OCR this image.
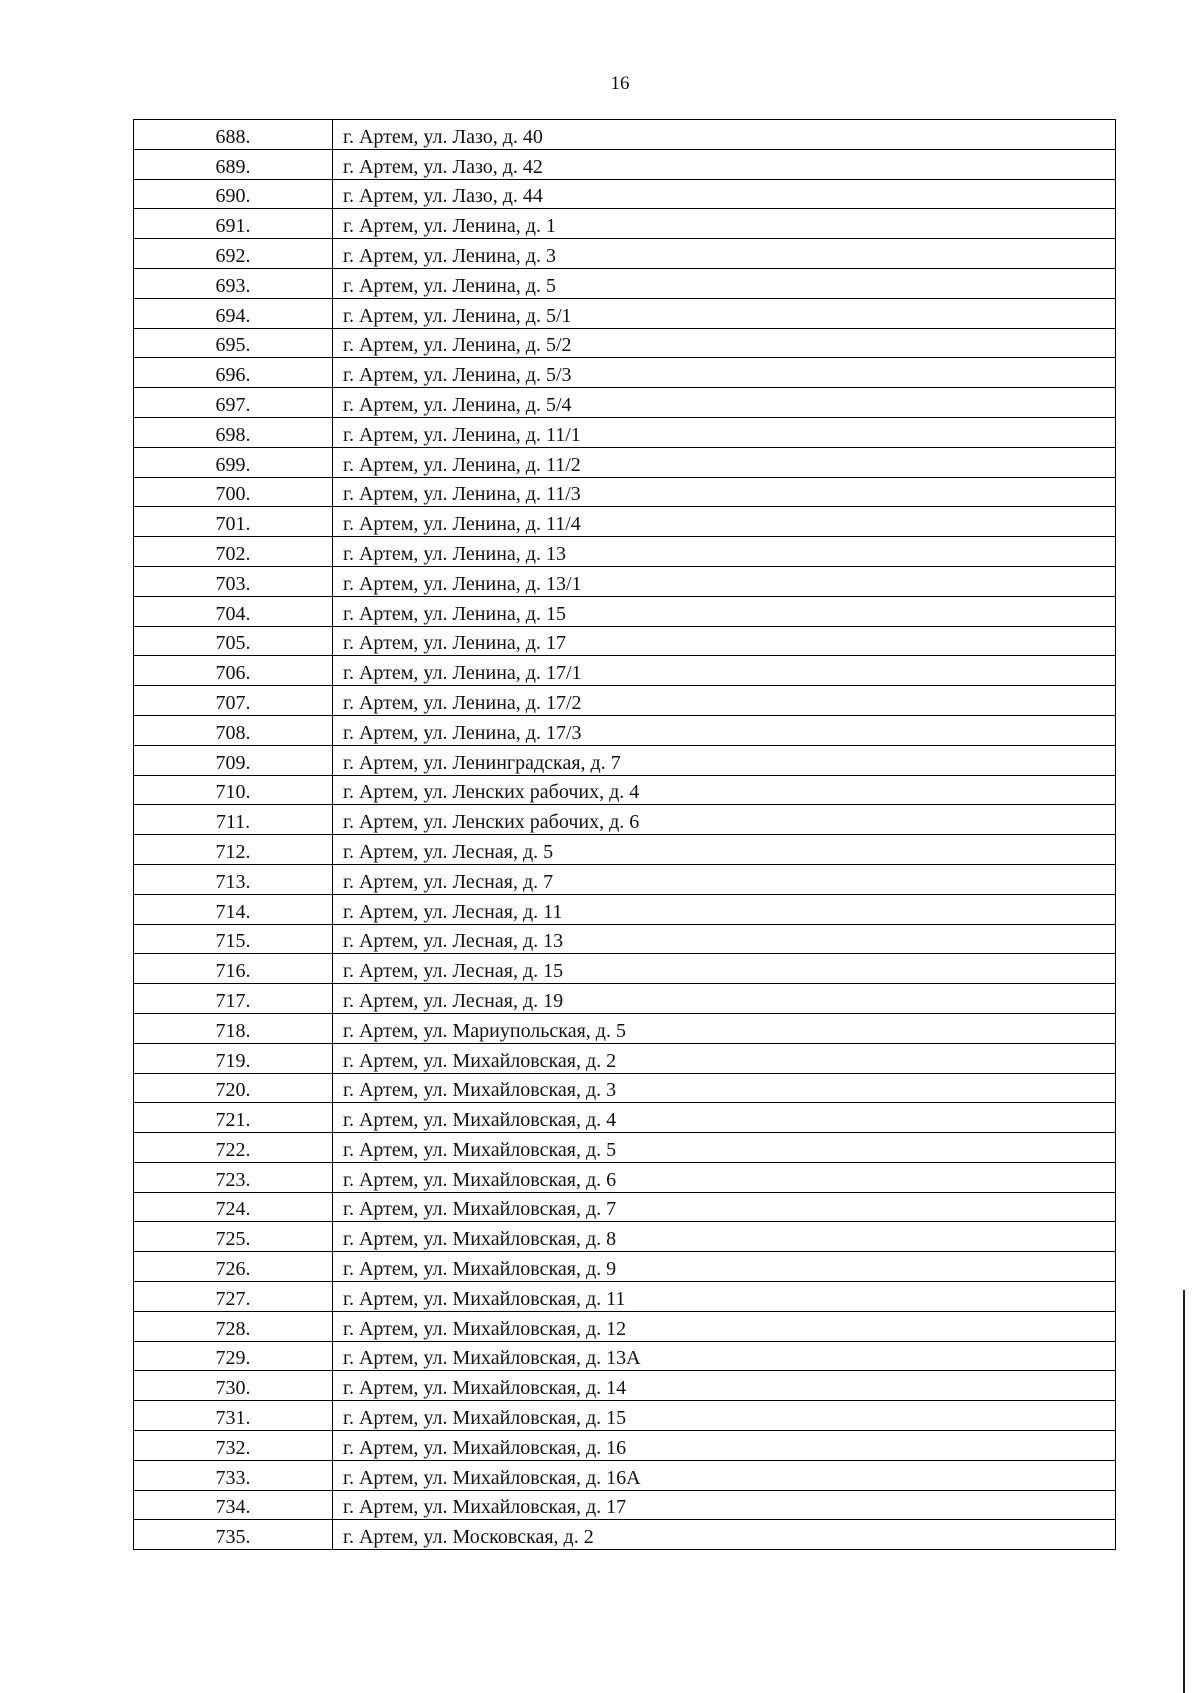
16
688.	г. Артем, ул. Лазо, д. 40
689.	г. Артем, ул. Лазо, д. 42
690.	г. Артем, ул. Лазо, д. 44
691.	г. Артем, ул. Ленина, д. 1
692.	г. Артем, ул. Ленина, д. 3
693.	г. Артем, ул. Ленина, д. 5
694.	г. Артем, ул. Ленина, д. 5/1
695.	г. Артем, ул. Ленина, д. 5/2
696.	г. Артем, ул. Ленина, д. 5/3
697.	г. Артем, ул. Ленина, д. 5/4
698.	г. Артем, ул. Ленина, д. 11/1
699.	г. Артем, ул. Ленина, д. 11/2
700.	г. Артем, ул. Ленина, д. 11/3
701.	г. Артем, ул. Ленина, д. 11/4
702.	г. Артем, ул. Ленина, д. 13
703.	г. Артем, ул. Ленина, д. 13/1
704.	г. Артем, ул. Ленина, д. 15
705.	г. Артем, ул. Ленина, д. 17
706.	г. Артем, ул. Ленина, д. 17/1
707.	г. Артем, ул. Ленина, д. 17/2
708.	г. Артем, ул. Ленина, д. 17/3
709.	г. Артем, ул. Ленинградская, д. 7
710.	г. Артем, ул. Ленских рабочих, д. 4
711.	г. Артем, ул. Ленских рабочих, д. 6
712.	г. Артем, ул. Лесная, д. 5
713.	г. Артем, ул. Лесная, д. 7
714.	г. Артем, ул. Лесная, д. 11
715.	г. Артем, ул. Лесная, д. 13
716.	г. Артем, ул. Лесная, д. 15
717.	г. Артем, ул. Лесная, д. 19
718.	г. Артем, ул. Мариупольская, д. 5
719.	г. Артем, ул. Михайловская, д. 2
720.	г. Артем, ул. Михайловская, д. 3
721.	г. Артем, ул. Михайловская, д. 4
722.	г. Артем, ул. Михайловская, д. 5
723.	г. Артем, ул. Михайловская, д. 6
724.	г. Артем, ул. Михайловская, д. 7
725.	г. Артем, ул. Михайловская, д. 8
726.	г. Артем, ул. Михайловская, д. 9
727.	г. Артем, ул. Михайловская, д. 11
728.	г. Артем, ул. Михайловская, д. 12
729.	г. Артем, ул. Михайловская, д. 13А
730.	г. Артем, ул. Михайловская, д. 14
731.	г. Артем, ул. Михайловская, д. 15
732.	г. Артем, ул. Михайловская, д. 16
733.	г. Артем, ул. Михайловская, д. 16А
734.	г. Артем, ул. Михайловская, д. 17
735.	г. Артем, ул. Московская, д. 2
